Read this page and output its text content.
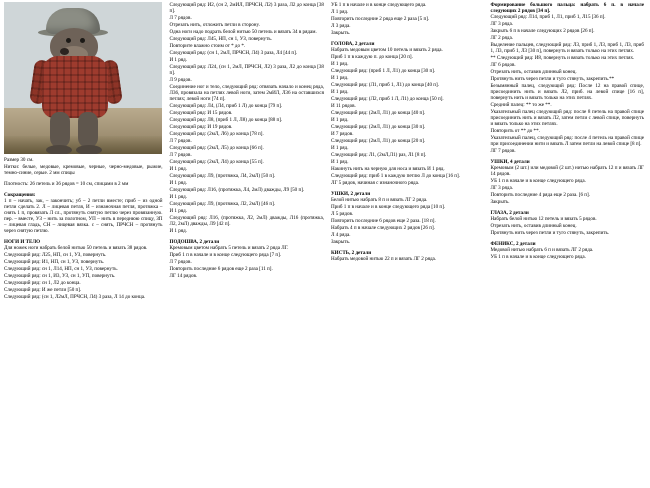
Размер 30 см.

Нитки: белые, медовые, кремовые, черные, черно-медовые, рыжие, темно-синие, серые. 2 мм спицы

Плотность: 26 петель и 36 рядов = 10 см, спицами в 2 мм

Сокращения:

1 п – начать, зак, – закончить; уб – 2 петли вместе; приб – из одной петли сделать 2. Л – лицевая петля, И – изнаночная петля, протяжка – снять 1 п, провязать Л сл., протянуть снятую петлю через провязанную. пер. – вместе, УЗ – нить за полотном, УП – нить в переднюю спицу, ЗП – лицевая гладь, СН – лицевая вязка. с – снять, ПРЧСН – протянуть через снятую петлю.

НОГИ И ТЕЛО

Для ножек ноги набрать белой нитью 50 петель и вязать 38 рядов.

Следующий ряд: Л25, НП, сн 1, УЗ, повернуть.

Следующий ряд: И1, НП, сн 1, УЗ, повернуть.

Следующий ряд: сн 1, Л14, НП, сн 1, УЗ, повернуть.

Следующий ряд: сн 1, И3, УЗ, сн 1, УП, повернуть.

Следующий ряд: сн 1, Л2 до конца.

Следующий ряд: И же петли [50 п].

Следующий ряд: (сн 1, Л2мЛ, ПРЧСН, Л4) 3 раза, Л 14 до конца.

Следующий ряд: И2, (сн 2, 2мИЛ, ПРЧСН, Л2) 3 раза, Л2 до конца [38 п].

Л 7 рядов.

Отрезать нить, отложить петли в сторону.

Одна ноги надо подрать белой нитью 50 петель и вязать 34 в рядам.

Следующий ряд: Л45, НП, сн 1, УЗ, повернуть.

Повторите влажно стоим от * до *.

Следующий ряд: (сн 1, 2мЛ, ПРЧСН, Л4) 3 раза, Л4 [44 п].

И 1 ряд.

Следующий ряд: Л24, (сн 1, 2мЛ, ПРЧСН, Л2) 3 раза, Л2 до конца [38 п].

Л 9 рядов.

Соединение ног и тело, следующий ряд: отвязать начало и конец ряда, Л36, провязала на петлях левой ноги, затем 2мИЛ, Л36 на оставшихся петлях; левой ноги [74 п].

Следующий ряд: Л4, (Л4, приб 1 Л) до конца [79 п].

Следующий ряд: И 15 рядов.

Следующий ряд: Л8, (приб 1 Л, Л8) до конца [88 п].

Следующий ряд: И 19 рядов.

Следующий ряд: (2мЛ, Л6) до конца [78 п].

Л 7 рядов.

Следующий ряд: (2мЛ, Л5) до конца [66 п].

Л 7 рядов.

Следующий ряд: (2мЛ, Л4) до конца [55 п].

И 1 ряд.

Следующий ряд: Л9, (протяжка, Л4, 2мЛ) [50 п].

И 1 ряд.

Следующий ряд: Л16, (протяжка, Л4, 2мЛ) дважды, Л9 [50 п].

И 1 ряд.

Следующий ряд: Л9, (протяжка, Л2, 2мЛ) [46 п].

И 1 ряд.

Следующий ряд: Л16, (протяжка, Л2, 2мЛ) дважды, Л16 (протяжка, Л2, 2мЛ) дважды, Л9 [42 п].

И 1 ряд.

ПОДОШВА, 2 детали

Кремовым цветом набрать 5 петель и вязать 2 ряда ЛГ.

Приб 1 п в начале и в конце следующего ряда [7 п].

Л 7 рядов.

Повторить последние 6 рядов еще 2 раза [11 п].

ЛГ 14 рядов.

УБ 1 п в начале и в конце следующего ряда.

Л 1 ряд.

Повторить последние 2 ряда еще 2 раза [5 п].

Л 3 ряда.

Закрыть.

ГОЛОВА, 2 детали

Набрать медовым цветом 10 петель и вязать 2 ряда.

Приб 1 п в каждую п. до конца [20 п].

И 1 ряд.

Следующий ряд: (приб 1 Л, Л1) до конца [30 п].

И 1 ряд.

Следующий ряд: (Л1, приб 1, Л1) до конца [40 п].

И 1 ряд.

Следующий ряд: (Л2, приб 1 Л, Л1) до конца [50 п].

И 11 рядов.

Следующий ряд: (2мЛ, Л1) до конца [40 п].

И 1 ряд.

Следующий ряд: (2мЛ, Л1) до конца [30 п].

И 7 рядов.

Следующий ряд: (2мЛ, Л1) до конца [20 п].

И 1 ряд.

Следующий ряд: Л1, (2мЛ,Л1) раз, Л1 [8 п].

И 1 ряд.

Накинуть нить на черную для носа и вязать И 1 ряд.

Следующий ряд: приб 1 в каждую петлю Л до конца [16 п].

ЛГ 5 рядов, начиная с изнаночного ряда.

УШКИ, 2 детали

Белой нитью набрать 8 п и вязать ЛГ 2 ряда.

Приб 1 п в начале и в конце следующего ряда [10 п].

Л 5 рядов.

Повторить последние 6 рядов еще 2 раза. [18 п].

Набрать 4 п в начале следующих 2 рядов [26 п].

Л 4 ряда.

Закрыть.

КИСТЬ, 2 детали

Набрать медовой нитью 22 п и вязать ЛГ 2 ряда.

Формирование большого пальца: набрать 6 п. в начале следующих 2 рядов [34 п].

Следующий ряд: Л14, приб 1, Л1, приб 1, Л15 [36 п].

ЛГ 3 ряда.

Закрыть 6 п в начале следующих 2 рядов [26 п].

ЛГ 2 ряда.

Выделение пальцев, следующий ряд: Л3, приб 1, Л3, приб 1, Л3, приб 1, Л3, приб 1, Л3 [30 п], повернуть и вязать только на этих петлях.

** Следующий ряд: И8, повернуть и вязать только на этих петлях.

ЛГ 6 рядов.

Отрезать нить, оставив длинный конец.

Протянуть нить через петли и туго стянуть, закрепить.**

Безымянный палец, следующий ряд: После 12 на правой спице, присоединить нить и вязать Л2, приб. на левой спице [16 п], повернуть нить и вязать только на этих петлях.

Средний палец: ** то же **.

Указательный палец следующий ряд: после 8 петель на правой спице присоединить нить и вязать Л2, затем петли с левой спице, повернуть и вязать только на этих петлях.

Повторить от ** до **.

Указательный палец, следующий ряд: после 4 петель на правой спице при присоединении нити и вязать Л затем петли на левой спице [8 п].

ЛГ 7 рядов.

УШКИ, 4 детали

Кремовым (2 шт.) или медовой (2 шт.) нитью набрать 12 п и вязать ЛГ 14 рядов.

УБ 1 п в начале и в конце следующего ряда.

ЛГ 3 ряда.

Повторить последние 4 ряда еще 2 раза. [6 п].

Закрыть.

ГЛАЗА, 2 детали

Набрать белой нитью 12 петель и вязать 5 рядов.

Отрезать нить, оставив длинный конец.

Протянуть нить через петли и туго стянуть, закрепить.

ФЕНИКС, 2 детали

Медовой нитью набрать 6 п и вязать ЛГ 2 ряда.

УБ 1 п в начале и в конце следующего ряда.
